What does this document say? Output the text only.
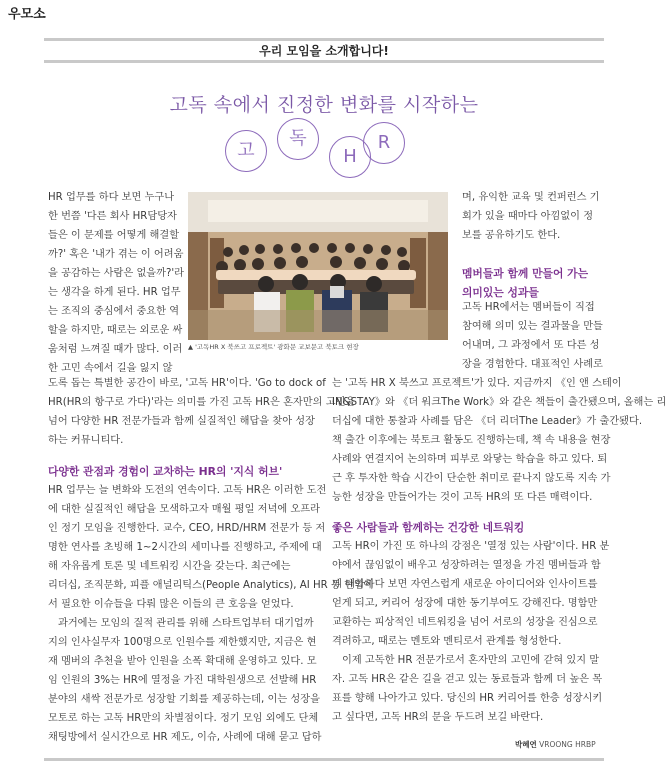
우모소
우리 모임을 소개합니다!
고독 속에서 진정한 변화를 시작하는
고
독
H
R
▲ '고독HR X 북쓰고 프로젝트' 광화문 교보문고 북토크 현장
HR 업무를 하다 보면 누구나
한 번쯤 '다른 회사 HR담당자
들은 이 문제를 어떻게 해결할
까?' 혹은 '내가 겪는 이 어려움
을 공감하는 사람은 없을까?'라
는 생각을 하게 된다. HR 업무
는 조직의 중심에서 중요한 역
할을 하지만, 때로는 외로운 싸
움처럼 느껴질 때가 많다. 이러
한 고민 속에서 길을 잃지 않
도록 돕는 특별한 공간이 바로, '고독 HR'이다. 'Go to dock of
HR(HR의 항구로 가다)'라는 의미를 가진 고독 HR은 혼자만의 고민을
넘어 다양한 HR 전문가들과 함께 실질적인 해답을 찾아 성장
하는 커뮤니티다.
다양한 관점과 경험이 교차하는 HR의 '지식 허브'
HR 업무는 늘 변화와 도전의 연속이다. 고독 HR은 이러한 도전
에 대한 실질적인 해답을 모색하고자 매월 평일 저녁에 오프라
인 정기 모임을 진행한다. 교수, CEO, HRD/HRM 전문가 등 저
명한 연사를 초빙해 1~2시간의 세미나를 진행하고, 주제에 대
해 자유롭게 토론 및 네트워킹 시간을 갖는다. 최근에는
리더십, 조직문화, 피플 애널리틱스(People Analytics), AI HR 등 현업에
서 필요한 이슈들을 다뤄 많은 이들의 큰 호응을 얻었다.
과거에는 모임의 질적 관리를 위해 스타트업부터 대기업까
지의 인사실무자 100명으로 인원수를 제한했지만, 지금은 현
재 멤버의 추천을 받아 인원을 소폭 확대해 운영하고 있다. 모
임 인원의 3%는 HR에 열정을 가진 대학원생으로 선발해 HR
분야의 새싹 전문가로 성장할 기회를 제공하는데, 이는 성장을
모토로 하는 고독 HR만의 차별점이다. 정기 모임 외에도 단체
채팅방에서 실시간으로 HR 제도, 이슈, 사례에 대해 묻고 답하
며, 유익한 교육 및 컨퍼런스 기
회가 있을 때마다 아낌없이 정
보를 공유하기도 한다.
멤버들과 함께 만들어 가는
의미있는 성과들
고독 HR에서는 멤버들이 직접
참여해 의미 있는 결과물을 만들
어내며, 그 과정에서 또 다른 성
장을 경험한다. 대표적인 사례로
는 '고독 HR X 북쓰고 프로젝트'가 있다. 지금까지 《인 앤 스테이
IN&STAY》와 《더 워크The Work》와 같은 책들이 출간됐으며, 올해는 리
더십에 대한 통찰과 사례를 담은 《더 리더The Leader》가 출간됐다.
책 출간 이후에는 북토크 활동도 진행하는데, 책 속 내용을 현장
사례와 연결지어 논의하며 피부로 와닿는 학습을 하고 있다. 퇴
근 후 투자한 학습 시간이 단순한 취미로 끝나지 않도록 지속 가
능한 성장을 만들어가는 것이 고독 HR의 또 다른 매력이다.
좋은 사람들과 함께하는 건강한 네트워킹
고독 HR이 가진 또 하나의 강점은 '열정 있는 사람'이다. HR 분
야에서 끊임없이 배우고 성장하려는 열정을 가진 멤버들과 함
께 대화하다 보면 자연스럽게 새로운 아이디어와 인사이트를
얻게 되고, 커리어 성장에 대한 동기부여도 강해진다. 명함만
교환하는 피상적인 네트워킹을 넘어 서로의 성장을 진심으로
격려하고, 때로는 멘토와 멘티로서 관계를 형성한다.
이제 고독한 HR 전문가로서 혼자만의 고민에 갇혀 있지 말
자. 고독 HR은 같은 길을 걷고 있는 동료들과 함께 더 높은 목
표를 향해 나아가고 있다. 당신의 HR 커리어를 한층 성장시키
고 싶다면, 고독 HR의 문을 두드려 보길 바란다.
박혜연 VROONG HRBP
